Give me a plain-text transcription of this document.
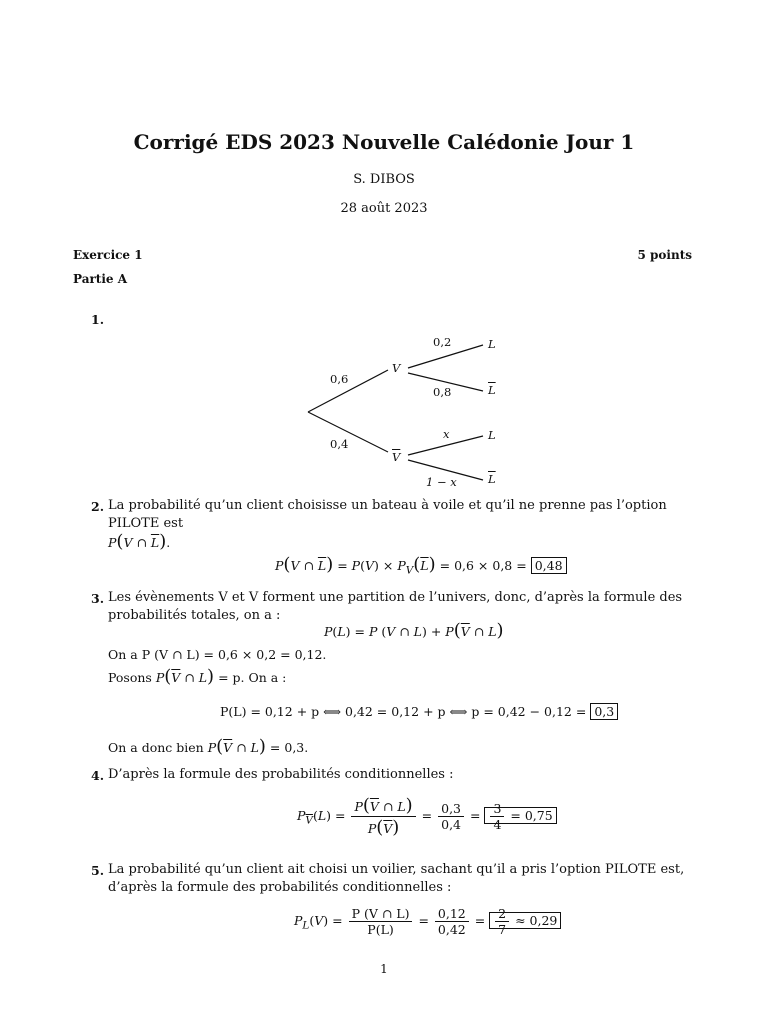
Corrigé EDS 2023 Nouvelle Calédonie Jour 1
S. DIBOS
28 août 2023
Exercice 1	5 points
Partie A
1.
0,6
0,4
V
$\overline{V}$
0,2
0,8
x
1 − x
L
$\overline{L}$
L
$\overline{L}$
2. La probabilité qu’un client choisisse un bateau à voile et qu’il ne prenne pas l’option PILOTE est
P(V ∩ $\overline{L}$).
P(V ∩ $\overline{L}) = P(V) \times P_V(\overline{L}) = 0,6 \times 0,8 = 0,48$
3. Les évènements V et V forment une partition de l’univers, donc, d’après la formule des probabilités totales, on a :
P(L) = P (V ∩ $L) + P(\overline{V}$ ∩ L)
On a P (V ∩ L) = 0,6 × 0,2 = 0,12.
Posons $P(\overline{V}$ ∩ L) = p. On a :
P(L) = 0,12 + p ⟺ 0,42 = 0,12 + p ⟺ p = 0,42 − 0,12 = 0,3
On a donc bien $P(\overline{V}$ ∩ L) = 0,3.
4. D’après la formule des probabilités conditionnelles :
$P_{\overline{V}}(L) = \frac{P(\overline{V} \cap L)}{P(\overline{V})} = \frac{0,3}{0,4} = \frac{3}{4} = 0,75$
5. La probabilité qu’un client ait choisi un voilier, sachant qu’il a pris l’option PILOTE est, d’après la formule des probabilités conditionnelles :
$P_L(V) = \frac{P (V \cap L)}{P(L)} = \frac{0,12}{0,42} = \frac{2}{7} \approx 0,29$
1
